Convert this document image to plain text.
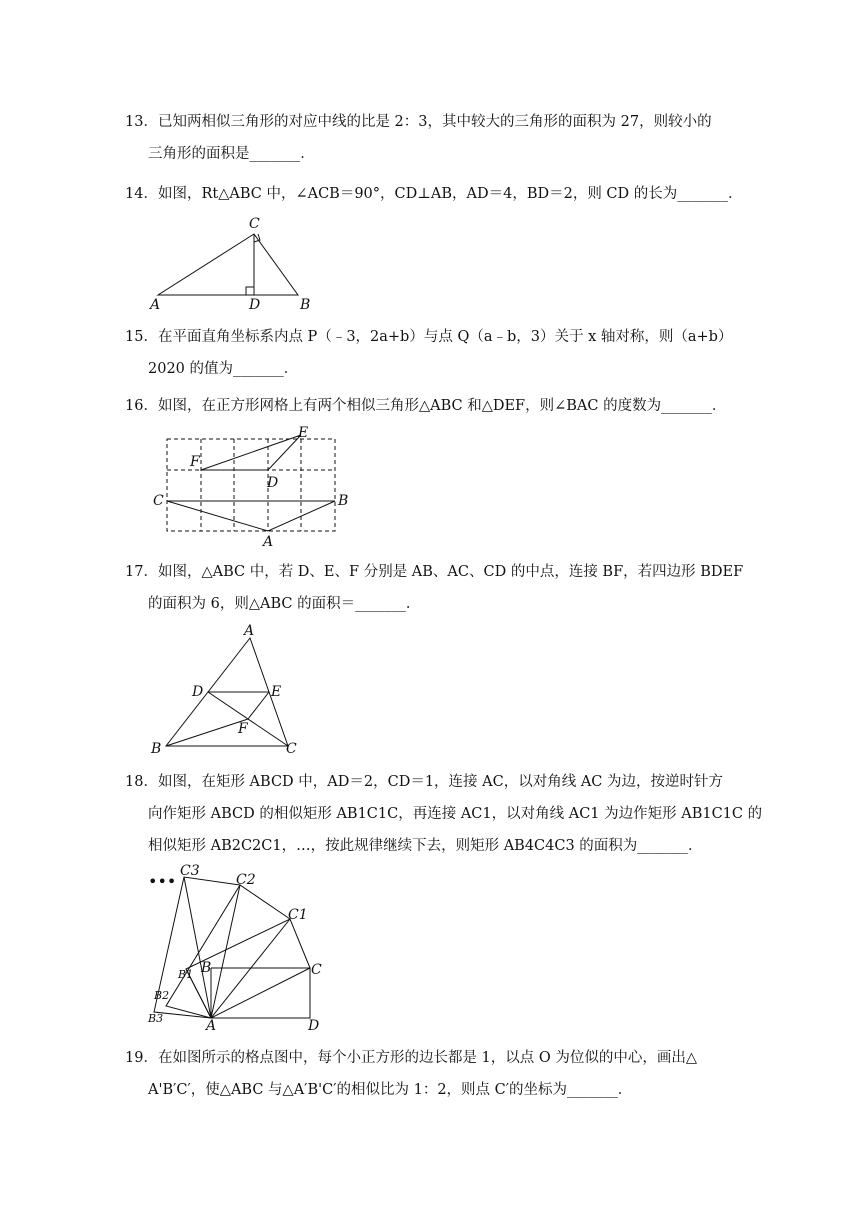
13．已知两相似三角形的对应中线的比是 2：3，其中较大的三角形的面积为 27，则较小的
三角形的面积是_______．
14．如图，Rt△ABC 中，∠ACB＝90°，CD⊥AB，AD＝4，BD＝2，则 CD 的长为_______．
A	B
C
D
15．在平面直角坐标系内点 P（﹣3，2a+b）与点 Q（a﹣b，3）关于 x 轴对称，则（a+b）
2020 的值为_______．
16．如图，在正方形网格上有两个相似三角形△ABC 和△DEF，则∠BAC 的度数为_______．
E
F
D
C	B
A
17．如图，△ABC 中，若 D、E、F 分别是 AB、AC、CD 的中点，连接 BF，若四边形 BDEF
的面积为 6，则△ABC 的面积＝_______．
A
D	E
F
B	C
18．如图，在矩形 ABCD 中，AD＝2，CD＝1，连接 AC，以对角线 AC 为边，按逆时针方
向作矩形 ABCD 的相似矩形 AB1C1C，再连接 AC1，以对角线 AC1 为边作矩形 AB1C1C 的
相似矩形 AB2C2C1，…，按此规律继续下去，则矩形 AB4C4C3 的面积为_______．
•••
C3
C2
C1
B	C
B1
B2
B3	A	D
19．在如图所示的格点图中，每个小正方形的边长都是 1，以点 O 为位似的中心，画出△
A'B′C′，使△ABC 与△A′B'C′的相似比为 1：2，则点 C′的坐标为_______．
